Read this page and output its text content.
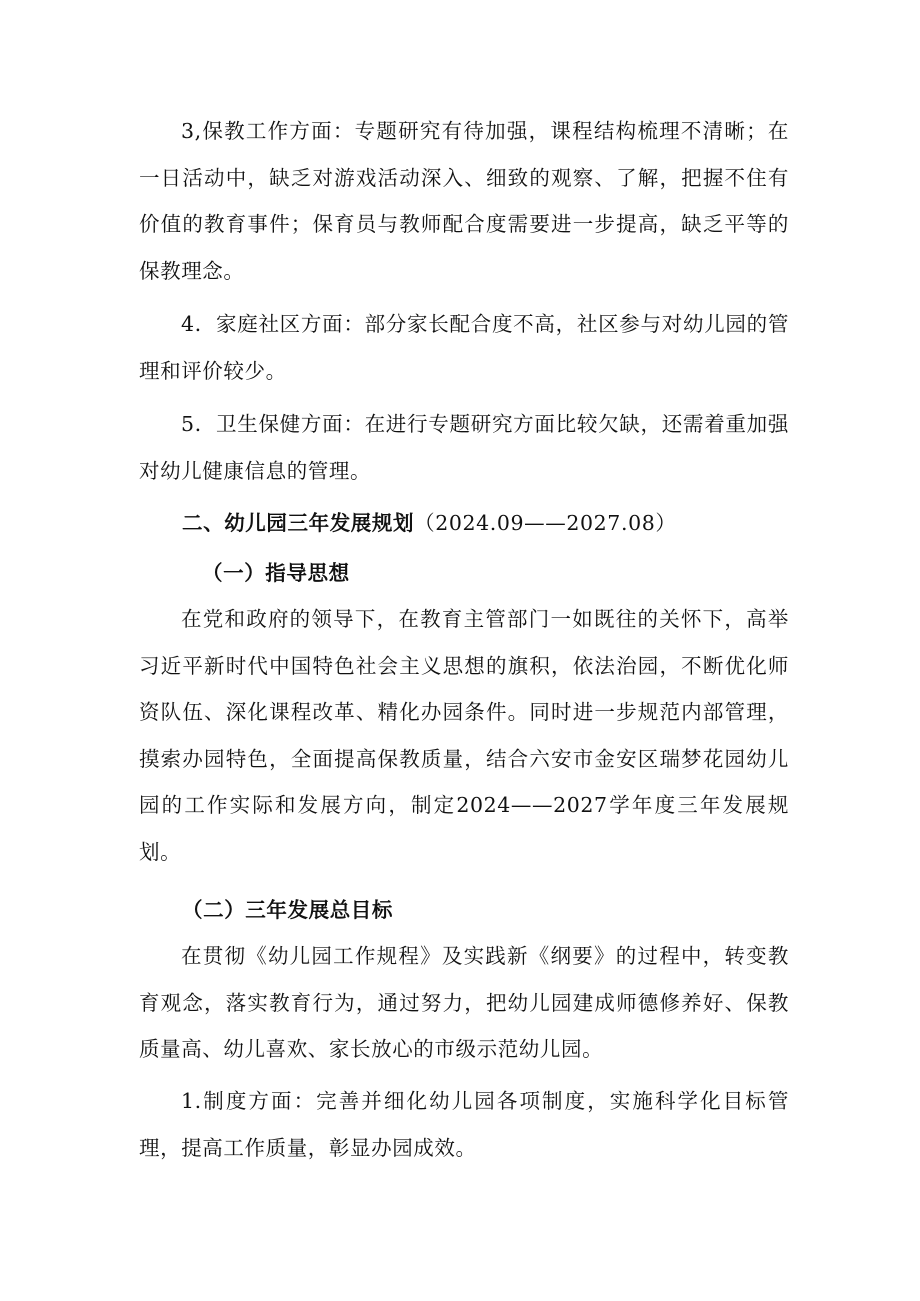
3,保教工作方面：专题研究有待加强，课程结构梳理不清晰；在一日活动中，缺乏对游戏活动深入、细致的观察、了解，把握不住有价值的教育事件；保育员与教师配合度需要进一步提高，缺乏平等的保教理念。

4．家庭社区方面：部分家长配合度不高，社区参与对幼儿园的管理和评价较少。

5．卫生保健方面：在进行专题研究方面比较欠缺，还需着重加强对幼儿健康信息的管理。

二、幼儿园三年发展规划（2024.09——2027.08）
（一）指导思想

在党和政府的领导下，在教育主管部门一如既往的关怀下，高举习近平新时代中国特色社会主义思想的旗积，依法治园，不断优化师资队伍、深化课程改革、精化办园条件。同时进一步规范内部管理，摸索办园特色，全面提高保教质量，结合六安市金安区瑞梦花园幼儿园的工作实际和发展方向，制定2024——2027学年度三年发展规划。

（二）三年发展总目标

在贯彻《幼儿园工作规程》及实践新《纲要》的过程中，转变教育观念，落实教育行为，通过努力，把幼儿园建成师德修养好、保教质量高、幼儿喜欢、家长放心的市级示范幼儿园。

1.制度方面：完善并细化幼儿园各项制度，实施科学化目标管理，提高工作质量，彰显办园成效。
